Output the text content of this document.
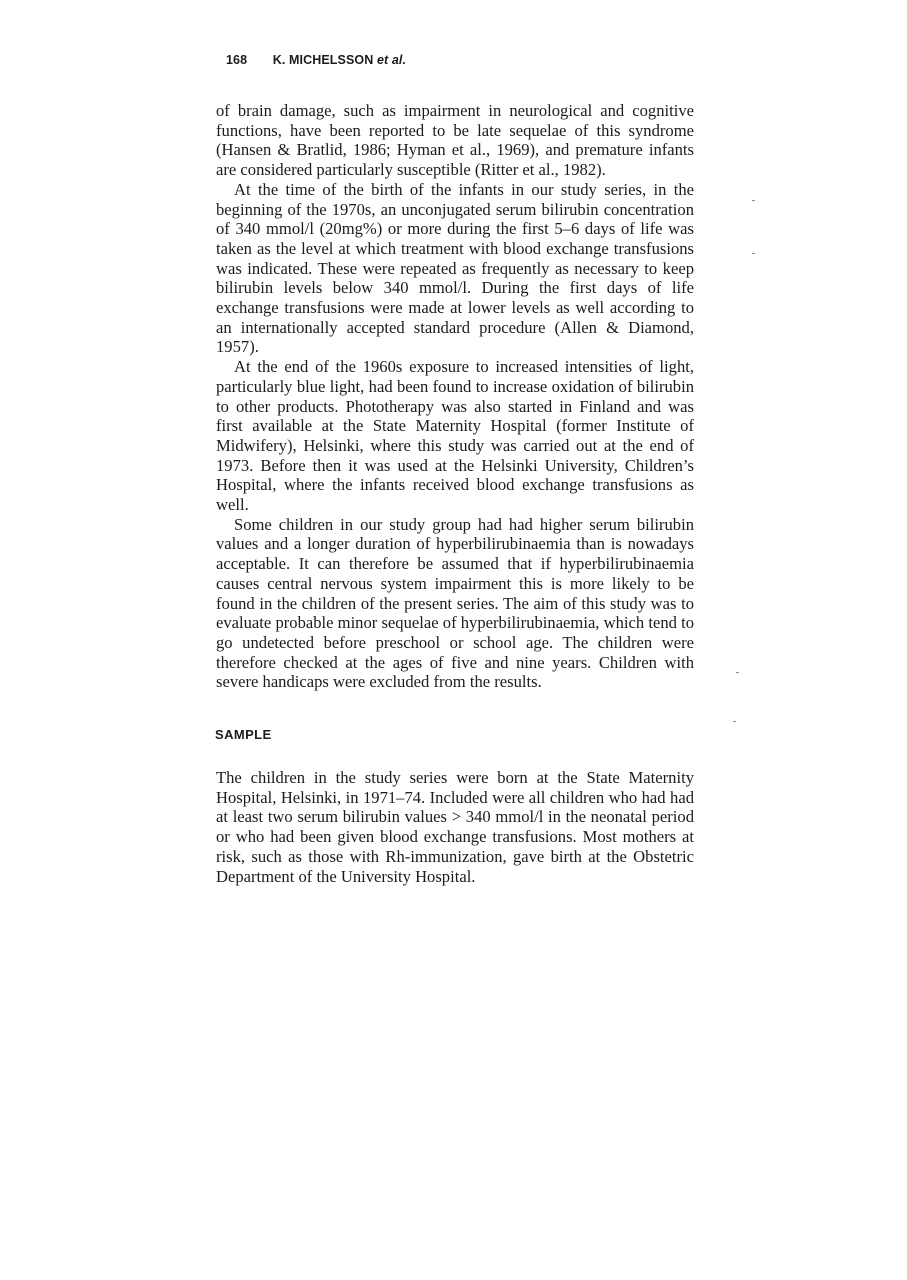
168 K. MICHELSSON et al.

of brain damage, such as impairment in neurological and cognitive functions, have been reported to be late sequelae of this syndrome (Hansen & Bratlid, 1986; Hyman et al., 1969), and premature infants are considered particularly susceptible (Ritter et al., 1982).

At the time of the birth of the infants in our study series, in the beginning of the 1970s, an unconjugated serum bilirubin concentration of 340 mmol/l (20mg%) or more during the first 5–6 days of life was taken as the level at which treatment with blood exchange transfusions was indicated. These were repeated as frequently as necessary to keep bilirubin levels below 340 mmol/l. During the first days of life exchange transfusions were made at lower levels as well according to an internationally accepted standard procedure (Allen & Diamond, 1957).

At the end of the 1960s exposure to increased intensities of light, particularly blue light, had been found to increase oxidation of bilirubin to other products. Phototherapy was also started in Finland and was first available at the State Maternity Hospital (former Institute of Midwifery), Helsinki, where this study was carried out at the end of 1973. Before then it was used at the Helsinki University, Children’s Hospital, where the infants received blood exchange transfusions as well.

Some children in our study group had had higher serum bilirubin values and a longer duration of hyperbilirubinaemia than is nowadays acceptable. It can therefore be assumed that if hyperbilirubinaemia causes central nervous system impairment this is more likely to be found in the children of the present series. The aim of this study was to evaluate probable minor sequelae of hyperbilirubinaemia, which tend to go undetected before preschool or school age. The children were therefore checked at the ages of five and nine years. Children with severe handicaps were excluded from the results.

SAMPLE

The children in the study series were born at the State Maternity Hospital, Helsinki, in 1971–74. Included were all children who had had at least two serum bilirubin values > 340 mmol/l in the neonatal period or who had been given blood exchange transfusions. Most mothers at risk, such as those with Rh-immunization, gave birth at the Obstetric Department of the University Hospital.
